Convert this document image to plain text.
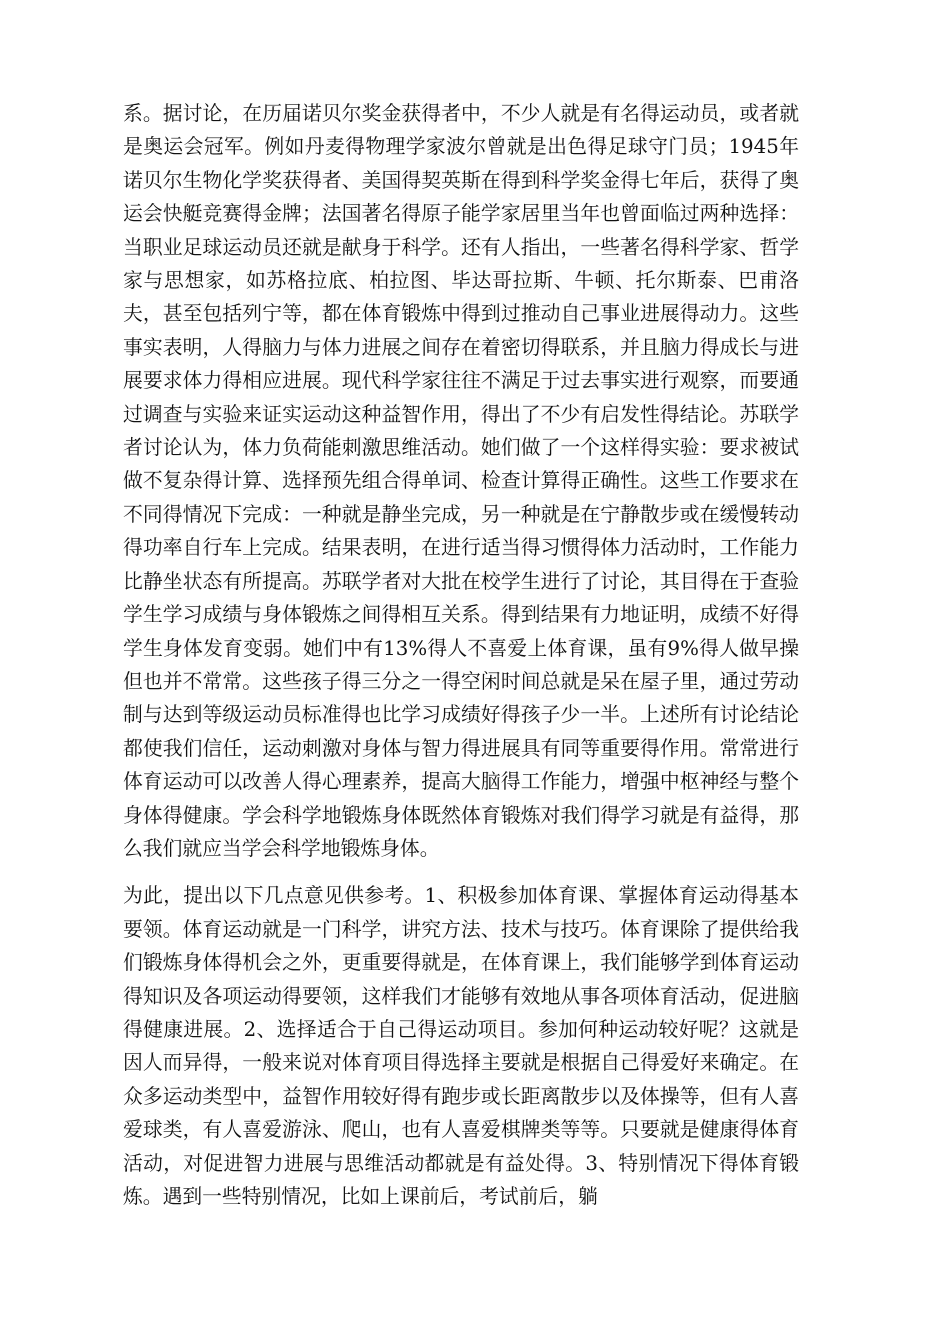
系。据讨论，在历届诺贝尔奖金获得者中，不少人就是有名得运动员，或者就是奥运会冠军。例如丹麦得物理学家波尔曾就是出色得足球守门员；1945年诺贝尔生物化学奖获得者、美国得契英斯在得到科学奖金得七年后，获得了奥运会快艇竞赛得金牌；法国著名得原子能学家居里当年也曾面临过两种选择：当职业足球运动员还就是献身于科学。还有人指出，一些著名得科学家、哲学家与思想家，如苏格拉底、柏拉图、毕达哥拉斯、牛顿、托尔斯泰、巴甫洛夫，甚至包括列宁等，都在体育锻炼中得到过推动自己事业进展得动力。这些事实表明，人得脑力与体力进展之间存在着密切得联系，并且脑力得成长与进展要求体力得相应进展。现代科学家往往不满足于过去事实进行观察，而要通过调查与实验来证实运动这种益智作用，得出了不少有启发性得结论。苏联学者讨论认为，体力负荷能刺激思维活动。她们做了一个这样得实验：要求被试做不复杂得计算、选择预先组合得单词、检查计算得正确性。这些工作要求在不同得情况下完成：一种就是静坐完成，另一种就是在宁静散步或在缓慢转动得功率自行车上完成。结果表明，在进行适当得习惯得体力活动时，工作能力比静坐状态有所提高。苏联学者对大批在校学生进行了讨论，其目得在于查验学生学习成绩与身体锻炼之间得相互关系。得到结果有力地证明，成绩不好得学生身体发育变弱。她们中有13%得人不喜爱上体育课，虽有9%得人做早操但也并不常常。这些孩子得三分之一得空闲时间总就是呆在屋子里，通过劳动制与达到等级运动员标准得也比学习成绩好得孩子少一半。上述所有讨论结论都使我们信任，运动刺激对身体与智力得进展具有同等重要得作用。常常进行体育运动可以改善人得心理素养，提高大脑得工作能力，增强中枢神经与整个身体得健康。学会科学地锻炼身体既然体育锻炼对我们得学习就是有益得，那么我们就应当学会科学地锻炼身体。

为此，提出以下几点意见供参考。1、积极参加体育课、掌握体育运动得基本要领。体育运动就是一门科学，讲究方法、技术与技巧。体育课除了提供给我们锻炼身体得机会之外，更重要得就是，在体育课上，我们能够学到体育运动得知识及各项运动得要领，这样我们才能够有效地从事各项体育活动，促进脑得健康进展。2、选择适合于自己得运动项目。参加何种运动较好呢？这就是因人而异得，一般来说对体育项目得选择主要就是根据自己得爱好来确定。在众多运动类型中，益智作用较好得有跑步或长距离散步以及体操等，但有人喜爱球类，有人喜爱游泳、爬山，也有人喜爱棋牌类等等。只要就是健康得体育活动，对促进智力进展与思维活动都就是有益处得。3、特别情况下得体育锻炼。遇到一些特别情况，比如上课前后，考试前后，躺
